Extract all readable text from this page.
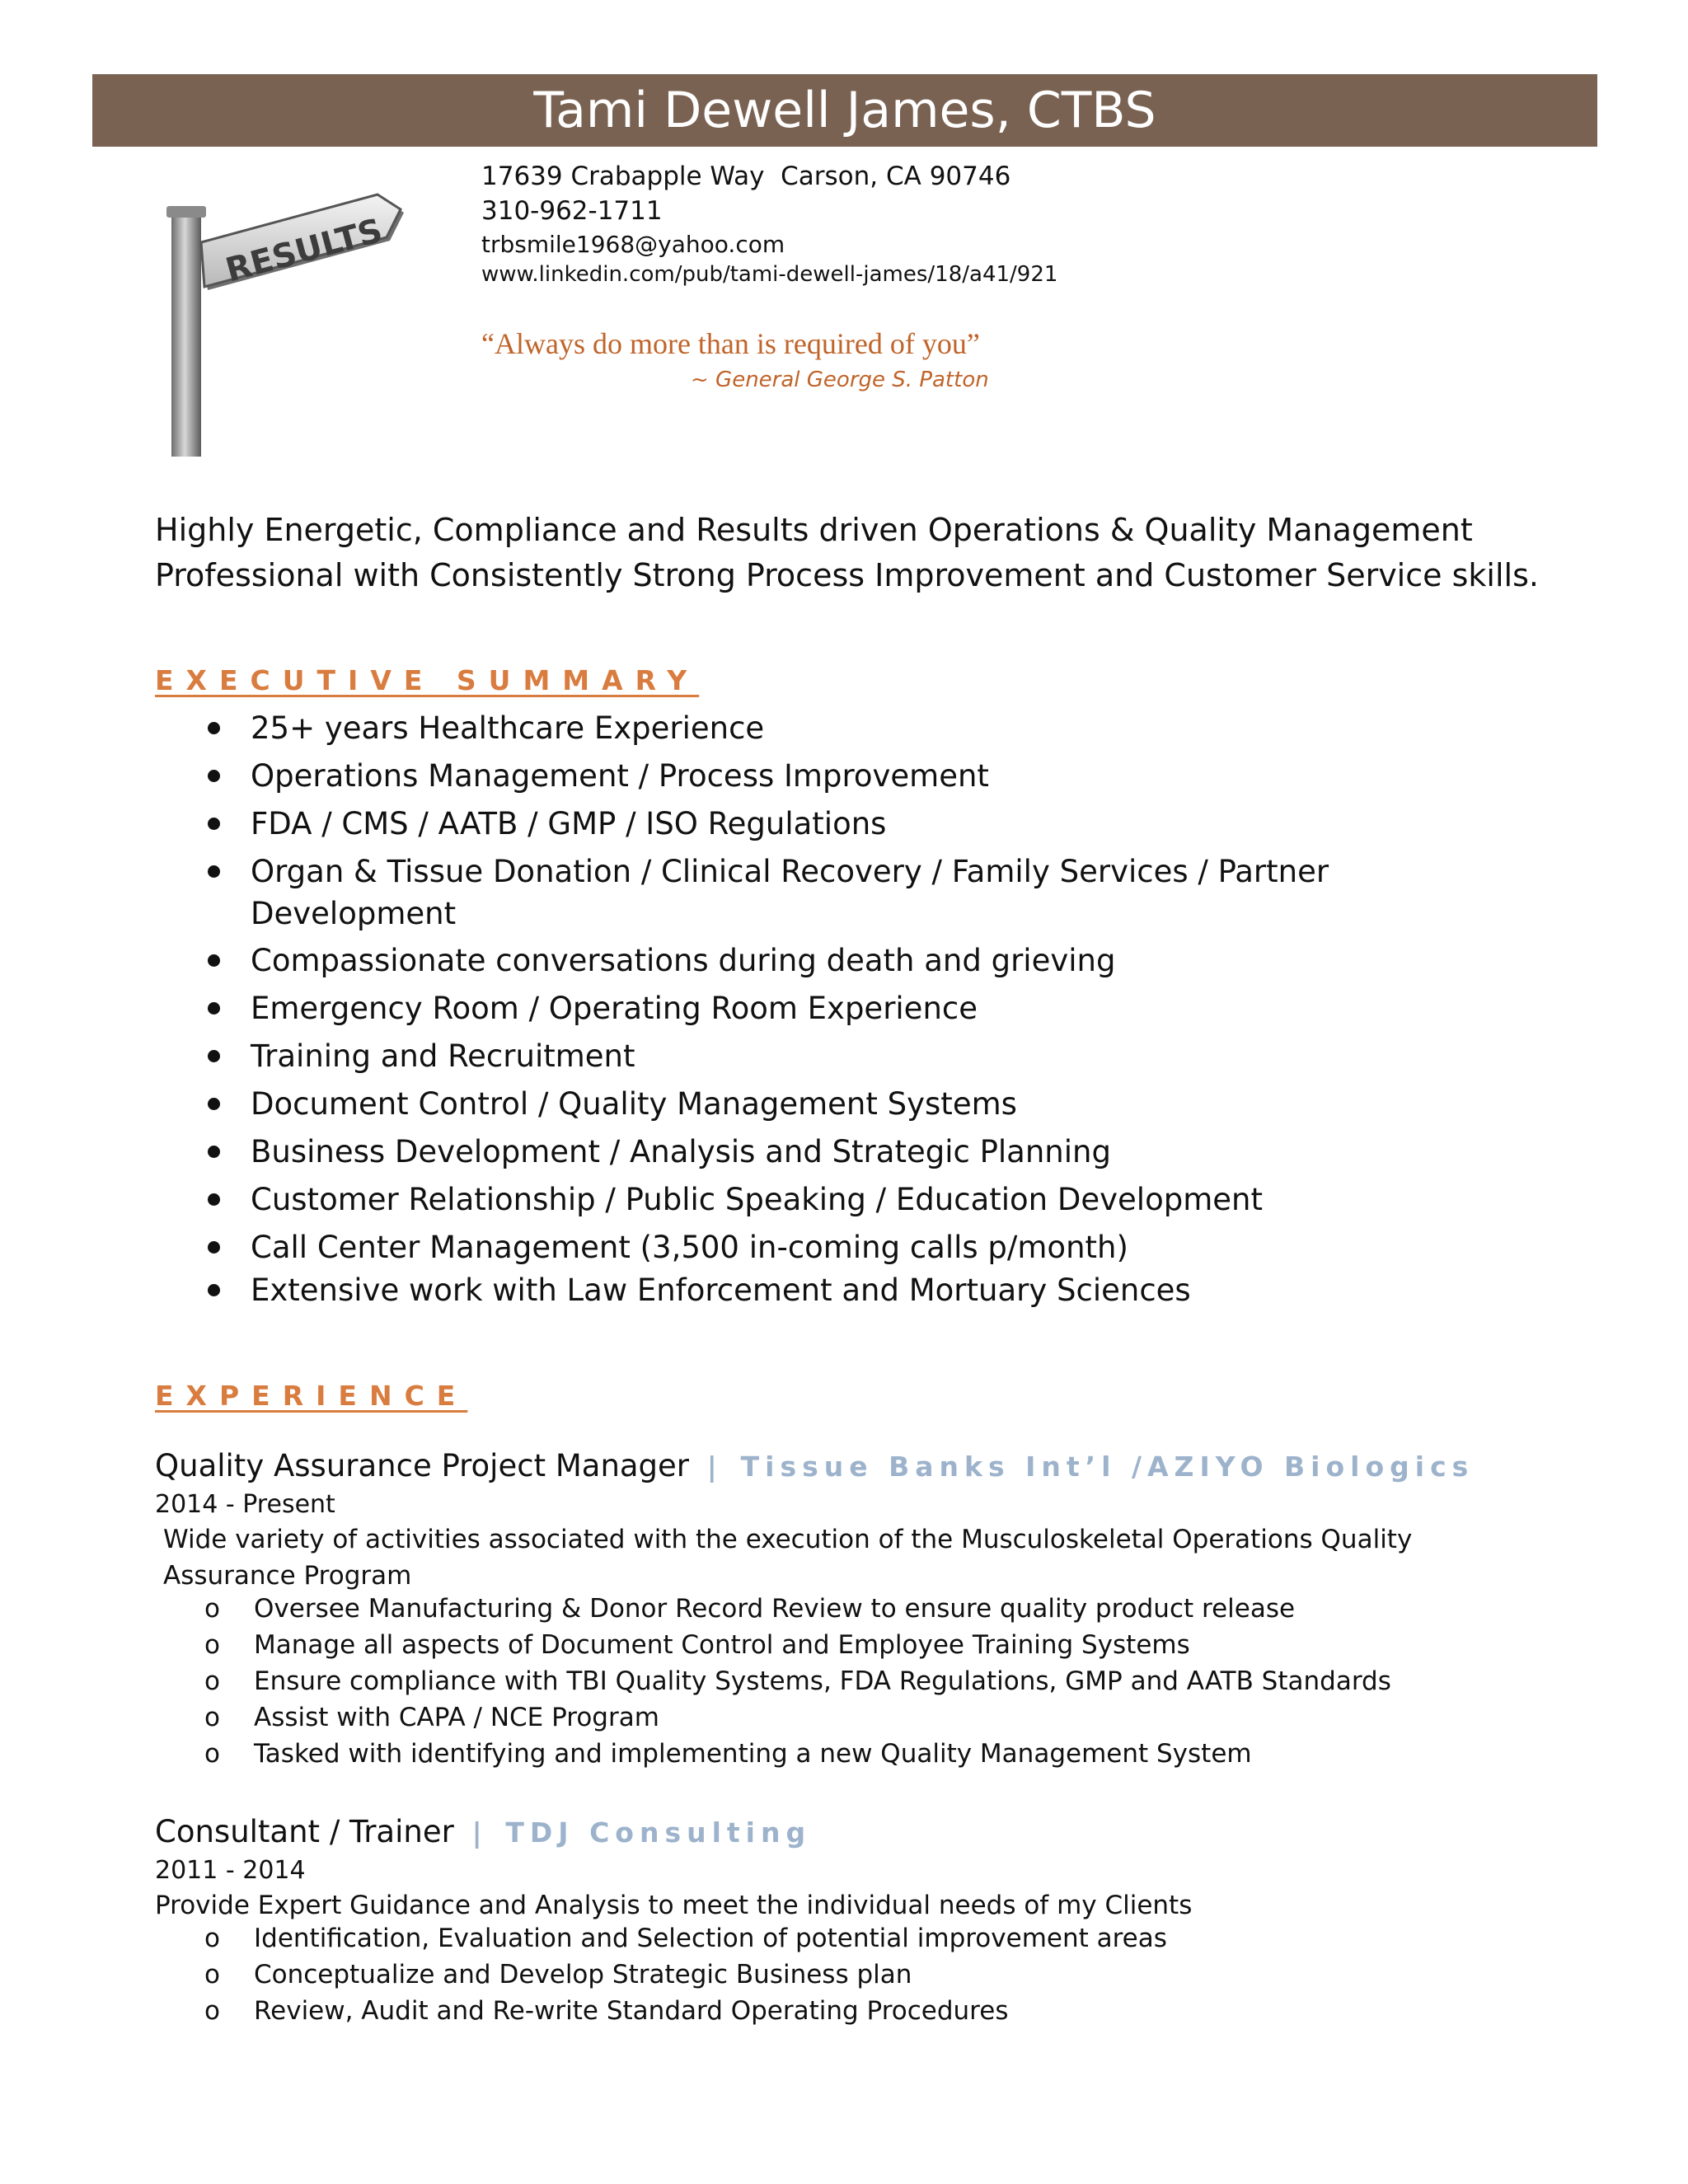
Tami Dewell James, CTBS
RESULTS
17639 Crabapple Way  Carson, CA 90746
310-962-1711
trbsmile1968@yahoo.com
www.linkedin.com/pub/tami-dewell-james/18/a41/921
“Always do more than is required of you”
~ General George S. Patton
Highly Energetic, Compliance and Results driven Operations & Quality Management Professional with Consistently Strong Process Improvement and Customer Service skills.
EXECUTIVE SUMMARY
25+ years Healthcare Experience
Operations Management / Process Improvement
FDA / CMS / AATB / GMP / ISO Regulations
Organ & Tissue Donation / Clinical Recovery / Family Services / Partner Development
Compassionate conversations during death and grieving
Emergency Room / Operating Room Experience
Training and Recruitment
Document Control / Quality Management Systems
Business Development / Analysis and Strategic Planning
Customer Relationship / Public Speaking / Education Development
Call Center Management (3,500 in-coming calls p/month)
Extensive work with Law Enforcement and Mortuary Sciences
EXPERIENCE
Quality Assurance Project Manager | Tissue Banks Int’l /AZIYO Biologics
2014 - Present
Wide variety of activities associated with the execution of the Musculoskeletal Operations Quality Assurance Program
o Oversee Manufacturing & Donor Record Review to ensure quality product release
o Manage all aspects of Document Control and Employee Training Systems
o Ensure compliance with TBI Quality Systems, FDA Regulations, GMP and AATB Standards
o Assist with CAPA / NCE Program
o Tasked with identifying and implementing a new Quality Management System
Consultant / Trainer | TDJ Consulting
2011 - 2014
Provide Expert Guidance and Analysis to meet the individual needs of my Clients
o Identification, Evaluation and Selection of potential improvement areas
o Conceptualize and Develop Strategic Business plan
o Review, Audit and Re-write Standard Operating Procedures
